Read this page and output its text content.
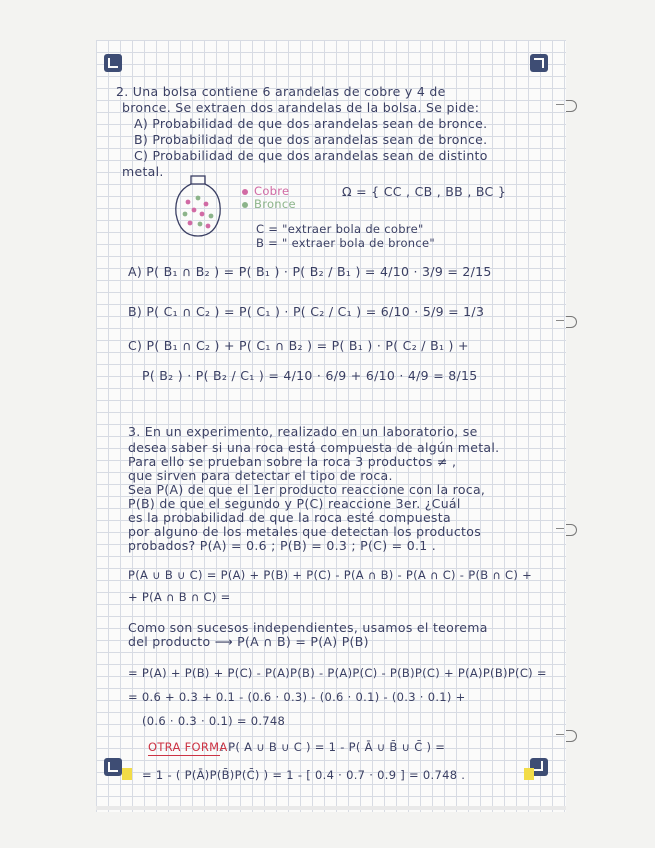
2. Una bolsa contiene 6 arandelas de cobre y 4 de
bronce. Se extraen dos arandelas de la bolsa. Se pide:
A) Probabilidad de que dos arandelas sean de bronce.
B) Probabilidad de que dos arandelas sean de bronce.
C) Probabilidad de que dos arandelas sean de distinto
metal.
Cobre
Bronce
Ω = { CC , CB , BB , BC }
C = "extraer bola de cobre"
B = " extraer bola de bronce"
A) P( B₁ ∩ B₂ ) = P( B₁ ) · P( B₂ / B₁ ) = 4/10 · 3/9 = 2/15
B) P( C₁ ∩ C₂ ) = P( C₁ ) · P( C₂ / C₁ ) = 6/10 · 5/9 = 1/3
C) P( B₁ ∩ C₂ ) + P( C₁ ∩ B₂ ) = P( B₁ ) · P( C₂ / B₁ ) +
P( B₂ ) · P( B₂ / C₁ ) = 4/10 · 6/9 + 6/10 · 4/9 = 8/15
3. En un experimento, realizado en un laboratorio, se
desea saber si una roca está compuesta de algún metal.
Para ello se prueban sobre la roca 3 productos ≠ ,
que sirven para detectar el tipo de roca.
Sea P(A) de que el 1er producto reaccione con la roca,
P(B) de que el segundo y P(C) reaccione 3er. ¿Cuál
es la probabilidad de que la roca esté compuesta
por alguno de los metales que detectan los productos
probados? P(A) = 0.6 ; P(B) = 0.3 ; P(C) = 0.1 .
P(A ∪ B ∪ C) = P(A) + P(B) + P(C) - P(A ∩ B) - P(A ∩ C) - P(B ∩ C) +
+ P(A ∩ B ∩ C) =
Como son sucesos independientes, usamos el teorema
del producto ⟶ P(A ∩ B) = P(A) P(B)
= P(A) + P(B) + P(C) - P(A)P(B) - P(A)P(C) - P(B)P(C) + P(A)P(B)P(C) =
= 0.6 + 0.3 + 0.1 - (0.6 · 0.3) - (0.6 · 0.1) - (0.3 · 0.1) +
(0.6 · 0.3 · 0.1) = 0.748
OTRA FORMA
: P( A ∪ B ∪ C ) = 1 - P( Ā ∪ B̄ ∪ C̄ ) =
= 1 - ( P(Ā)P(B̄)P(C̄) ) = 1 - [ 0.4 · 0.7 · 0.9 ] = 0.748 .
